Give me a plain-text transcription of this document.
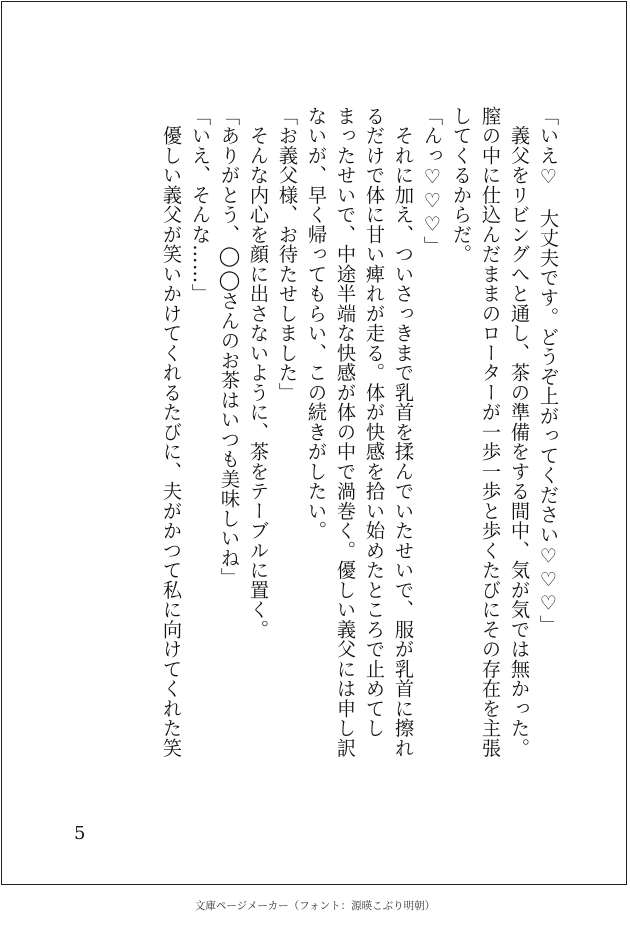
「いえ♡　大丈夫です。どうぞ上がってください♡♡♡」
　義父をリビングへと通し、茶の準備をする間中、気が気では無かった。
膣の中に仕込んだままのローターが一歩一歩と歩くたびにその存在を主張
してくるからだ。
「んっ♡♡♡」
　それに加え、ついさっきまで乳首を揉んでいたせいで、服が乳首に擦れ
るだけで体に甘い痺れが走る。体が快感を拾い始めたところで止めてし
まったせいで、中途半端な快感が体の中で渦巻く。優しい義父には申し訳
ないが、早く帰ってもらい、この続きがしたい。
「お義父様、お待たせしました」
　そんな内心を顔に出さないように、茶をテーブルに置く。
「ありがとう、◯◯さんのお茶はいつも美味しいね」
「いえ、そんな……」
　優しい義父が笑いかけてくれるたびに、夫がかつて私に向けてくれた笑
5
文庫ページメーカー（フォント：源暎こぶり明朝）
